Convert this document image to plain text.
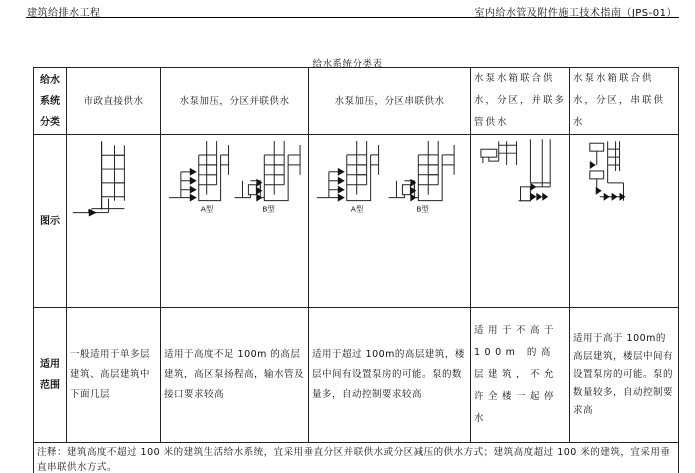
建筑给排水工程	室内给水管及附件施工技术指南（JPS-01）
给水系统分类表
给水系统分类	市政直接供水	水泵加压，分区并联供水	水泵加压，分区串联供水	水泵水箱联合供水，分区，并联多管供水	水泵水箱联合供水，分区，串联供水
图示		A型 B型	A型 B型

适用范围	一般适用于单多层建筑、高层建筑中下面几层	适用于高度不足 100m 的高层建筑，高区泵扬程高，输水管及接口要求较高	适用于超过 100m的高层建筑，楼层中间有设置泵房的可能。泵的数量多，自动控制要求较高	适用于不高于 100m 的高层建筑，不允许全楼一起停水	适用于高于 100m的高层建筑，楼层中间有设置泵房的可能。泵的数量较多，自动控制要求高
注释：建筑高度不超过 100 米的建筑生活给水系统，宜采用垂直分区并联供水或分区减压的供水方式；建筑高度超过 100 米的建筑，宜采用垂直串联供水方式。					
